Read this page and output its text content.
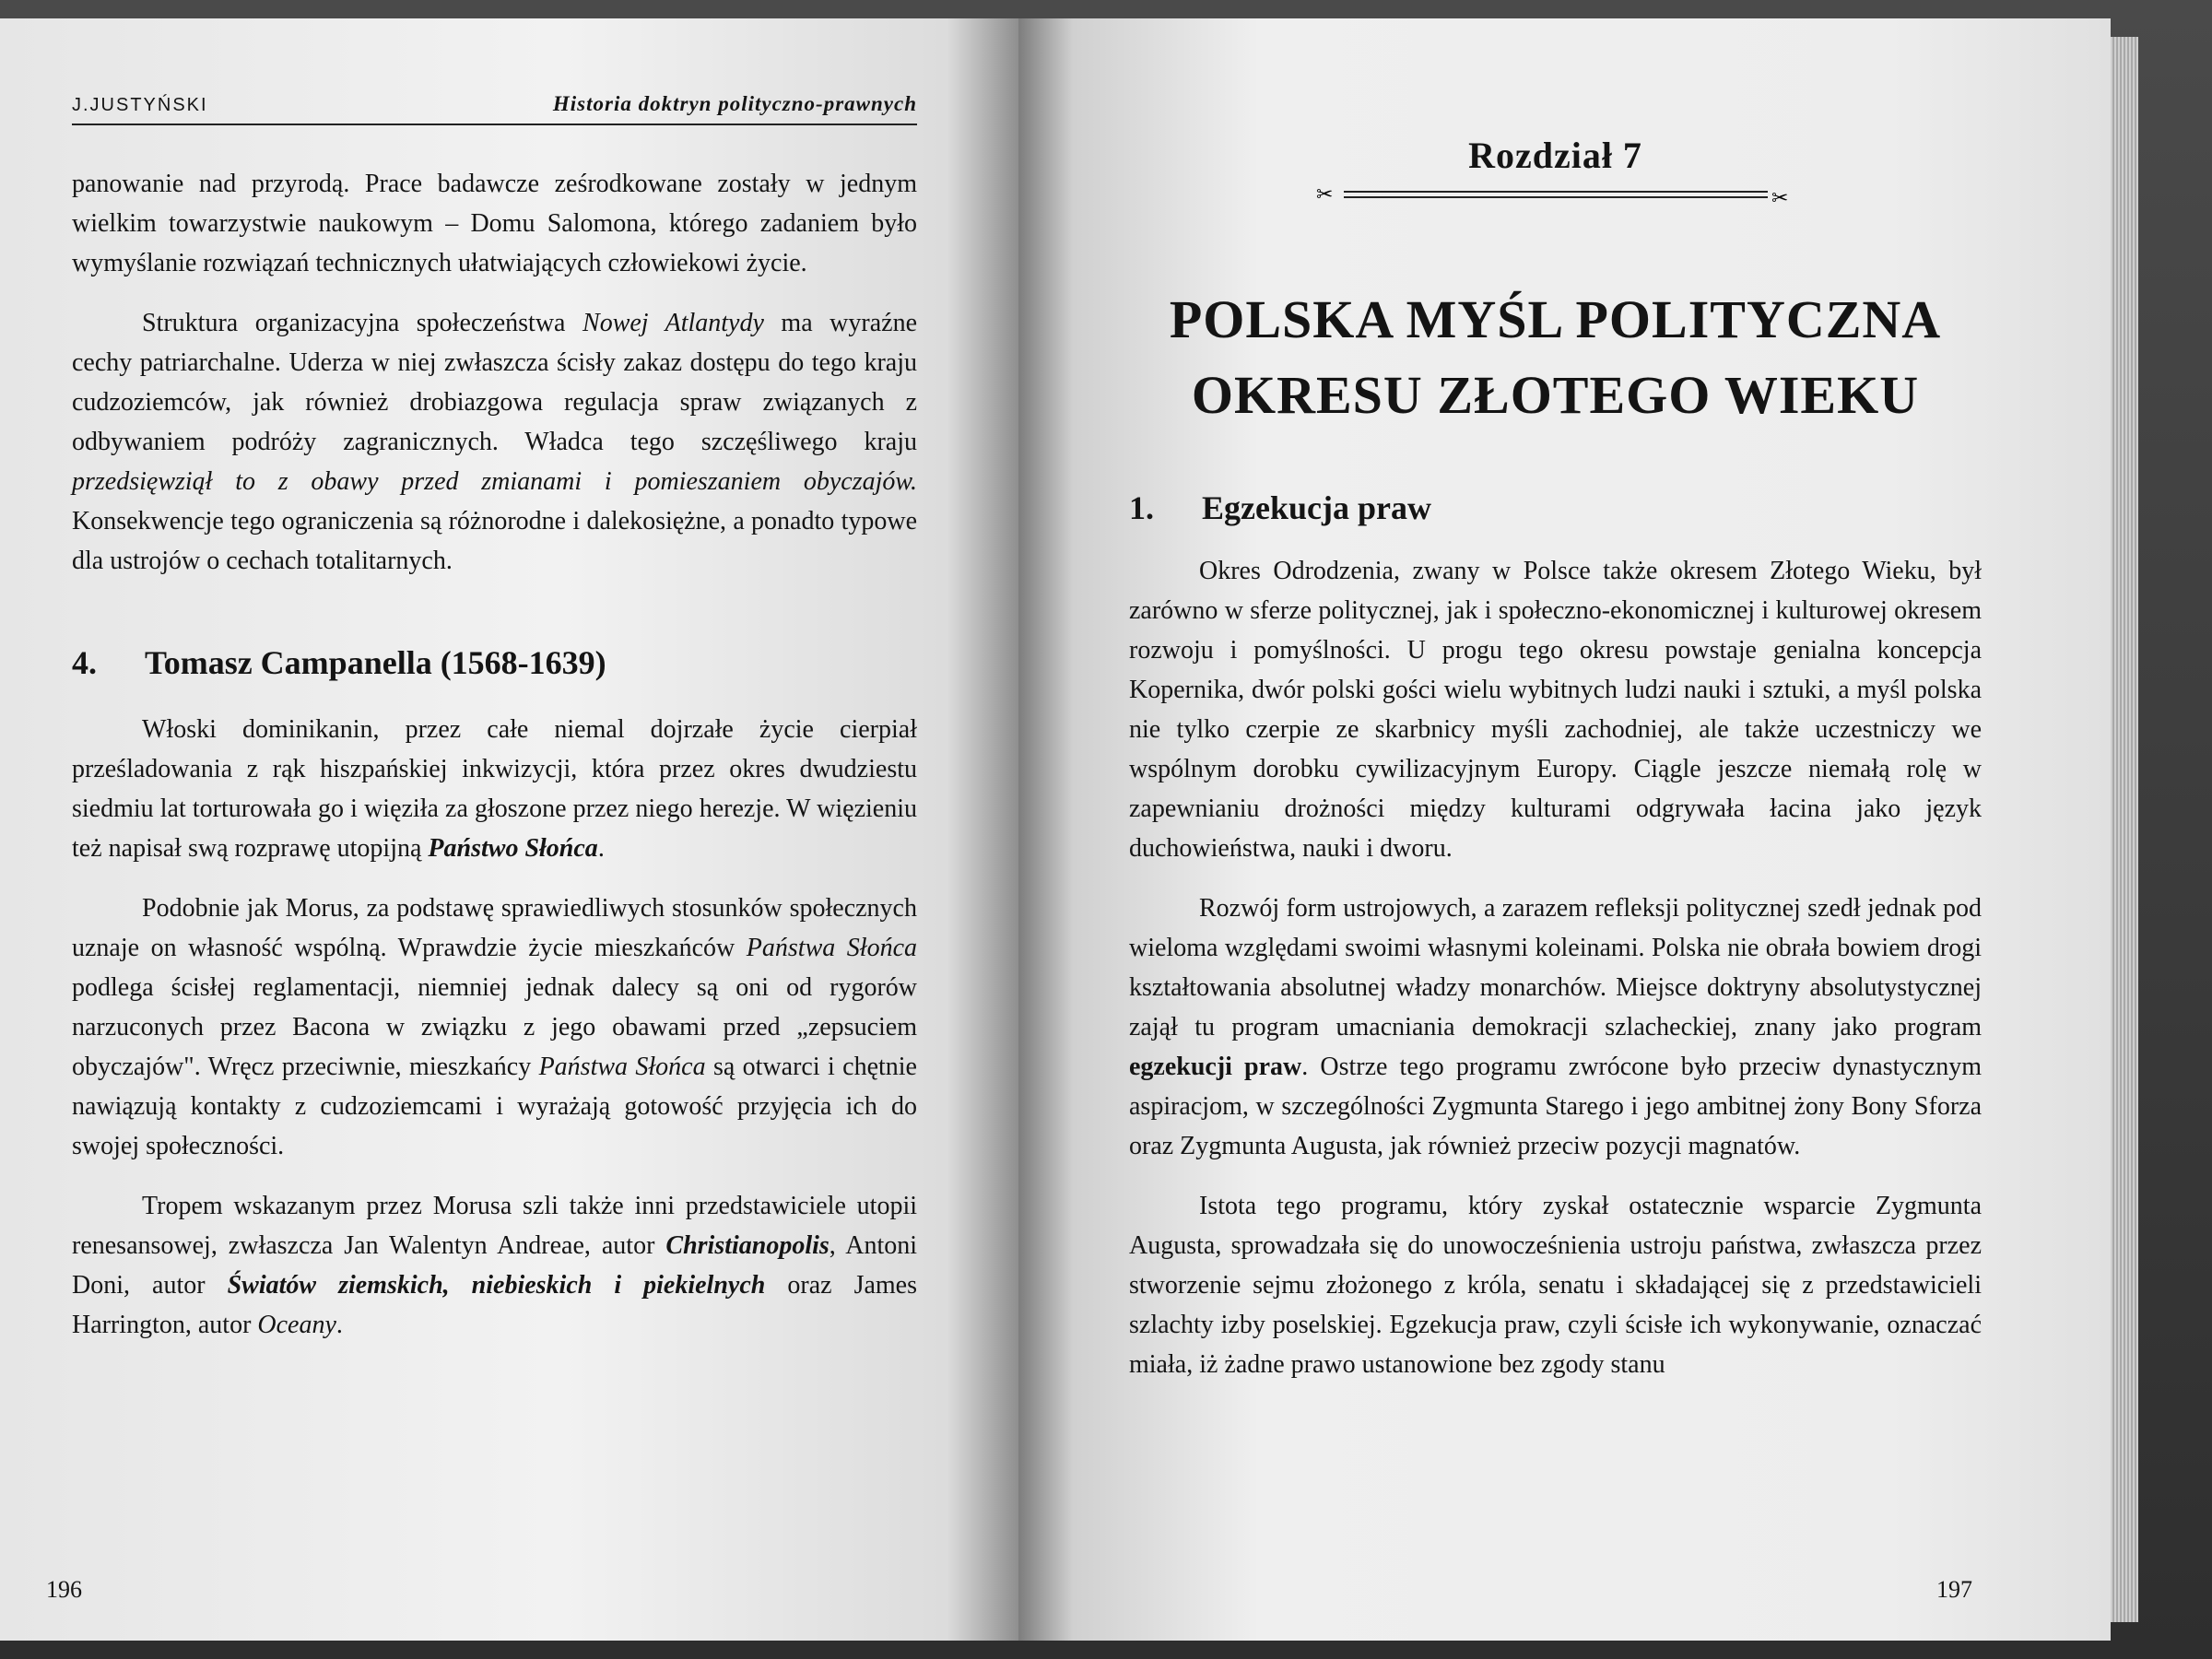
J.JUSTYŃSKI	Historia doktryn polityczno-prawnych

panowanie nad przyrodą. Prace badawcze ześrodkowane zostały w jednym wielkim towarzystwie naukowym – Domu Salomona, którego zadaniem było wymyślanie rozwiązań technicznych ułatwiających człowiekowi życie.

Struktura organizacyjna społeczeństwa Nowej Atlantydy ma wyraźne cechy patriarchalne. Uderza w niej zwłaszcza ścisły zakaz dostępu do tego kraju cudzoziemców, jak również drobiazgowa regulacja spraw związanych z odbywaniem podróży zagranicznych. Władca tego szczęśliwego kraju przedsięwziął to z obawy przed zmianami i pomieszaniem obyczajów. Konsekwencje tego ograniczenia są różnorodne i dalekosiężne, a ponadto typowe dla ustrojów o cechach totalitarnych.

4. Tomasz Campanella (1568-1639)

Włoski dominikanin, przez całe niemal dojrzałe życie cierpiał prześladowania z rąk hiszpańskiej inkwizycji, która przez okres dwudziestu siedmiu lat torturowała go i więziła za głoszone przez niego herezje. W więzieniu też napisał swą rozprawę utopijną Państwo Słońca.

Podobnie jak Morus, za podstawę sprawiedliwych stosunków społecznych uznaje on własność wspólną. Wprawdzie życie mieszkańców Państwa Słońca podlega ścisłej reglamentacji, niemniej jednak dalecy są oni od rygorów narzuconych przez Bacona w związku z jego obawami przed „zepsuciem obyczajów". Wręcz przeciwnie, mieszkańcy Państwa Słońca są otwarci i chętnie nawiązują kontakty z cudzoziemcami i wyrażają gotowość przyjęcia ich do swojej społeczności.

Tropem wskazanym przez Morusa szli także inni przedstawiciele utopii renesansowej, zwłaszcza Jan Walentyn Andreae, autor Christianopolis, Antoni Doni, autor Światów ziemskich, niebieskich i piekielnych oraz James Harrington, autor Oceany.

196
Rozdział 7
✂	✂
POLSKA MYŚL POLITYCZNA
OKRESU ZŁOTEGO WIEKU
1. Egzekucja praw

Okres Odrodzenia, zwany w Polsce także okresem Złotego Wieku, był zarówno w sferze politycznej, jak i społeczno-ekonomicznej i kulturowej okresem rozwoju i pomyślności. U progu tego okresu powstaje genialna koncepcja Kopernika, dwór polski gości wielu wybitnych ludzi nauki i sztuki, a myśl polska nie tylko czerpie ze skarbnicy myśli zachodniej, ale także uczestniczy we wspólnym dorobku cywilizacyjnym Europy. Ciągle jeszcze niemałą rolę w zapewnianiu drożności między kulturami odgrywała łacina jako język duchowieństwa, nauki i dworu.

Rozwój form ustrojowych, a zarazem refleksji politycznej szedł jednak pod wieloma względami swoimi własnymi koleinami. Polska nie obrała bowiem drogi kształtowania absolutnej władzy monarchów. Miejsce doktryny absolutystycznej zajął tu program umacniania demokracji szlacheckiej, znany jako program egzekucji praw. Ostrze tego programu zwrócone było przeciw dynastycznym aspiracjom, w szczególności Zygmunta Starego i jego ambitnej żony Bony Sforza oraz Zygmunta Augusta, jak również przeciw pozycji magnatów.

Istota tego programu, który zyskał ostatecznie wsparcie Zygmunta Augusta, sprowadzała się do unowocześnienia ustroju państwa, zwłaszcza przez stworzenie sejmu złożonego z króla, senatu i składającej się z przedstawicieli szlachty izby poselskiej. Egzekucja praw, czyli ścisłe ich wykonywanie, oznaczać miała, iż żadne prawo ustanowione bez zgody stanu

197
